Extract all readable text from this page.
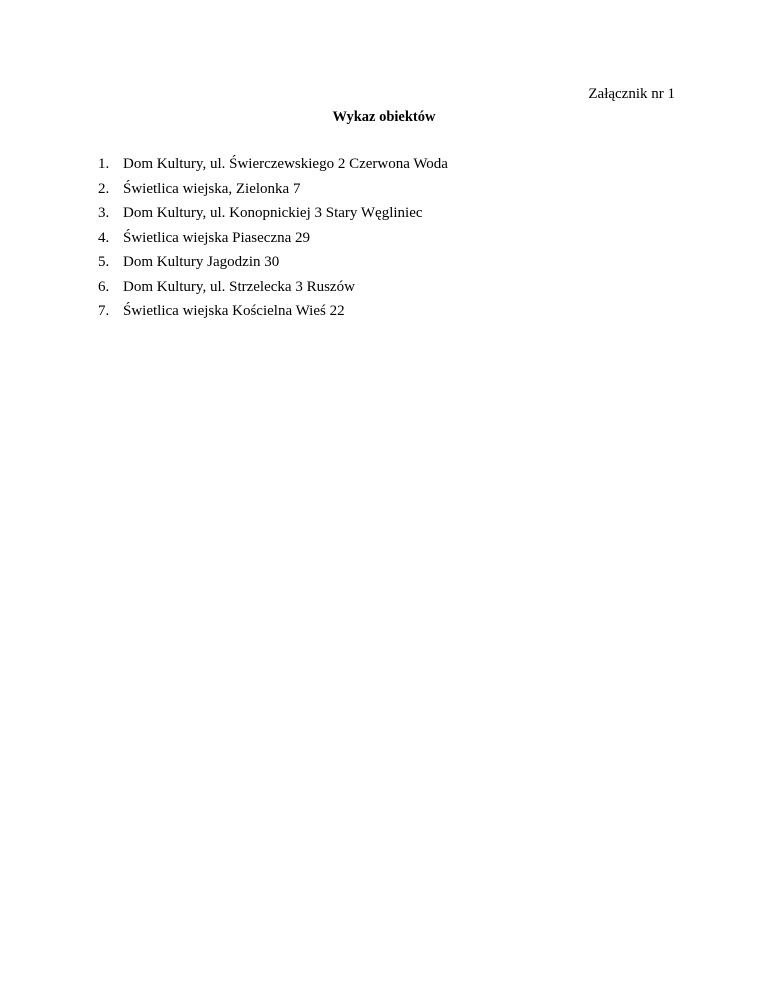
Załącznik nr 1
Wykaz obiektów
1. Dom Kultury, ul. Świerczewskiego 2 Czerwona Woda
2. Świetlica wiejska, Zielonka 7
3. Dom Kultury, ul. Konopnickiej 3 Stary Węgliniec
4. Świetlica wiejska Piaseczna 29
5. Dom Kultury Jagodzin 30
6. Dom Kultury, ul. Strzelecka 3 Ruszów
7. Świetlica wiejska Kościelna Wieś 22
